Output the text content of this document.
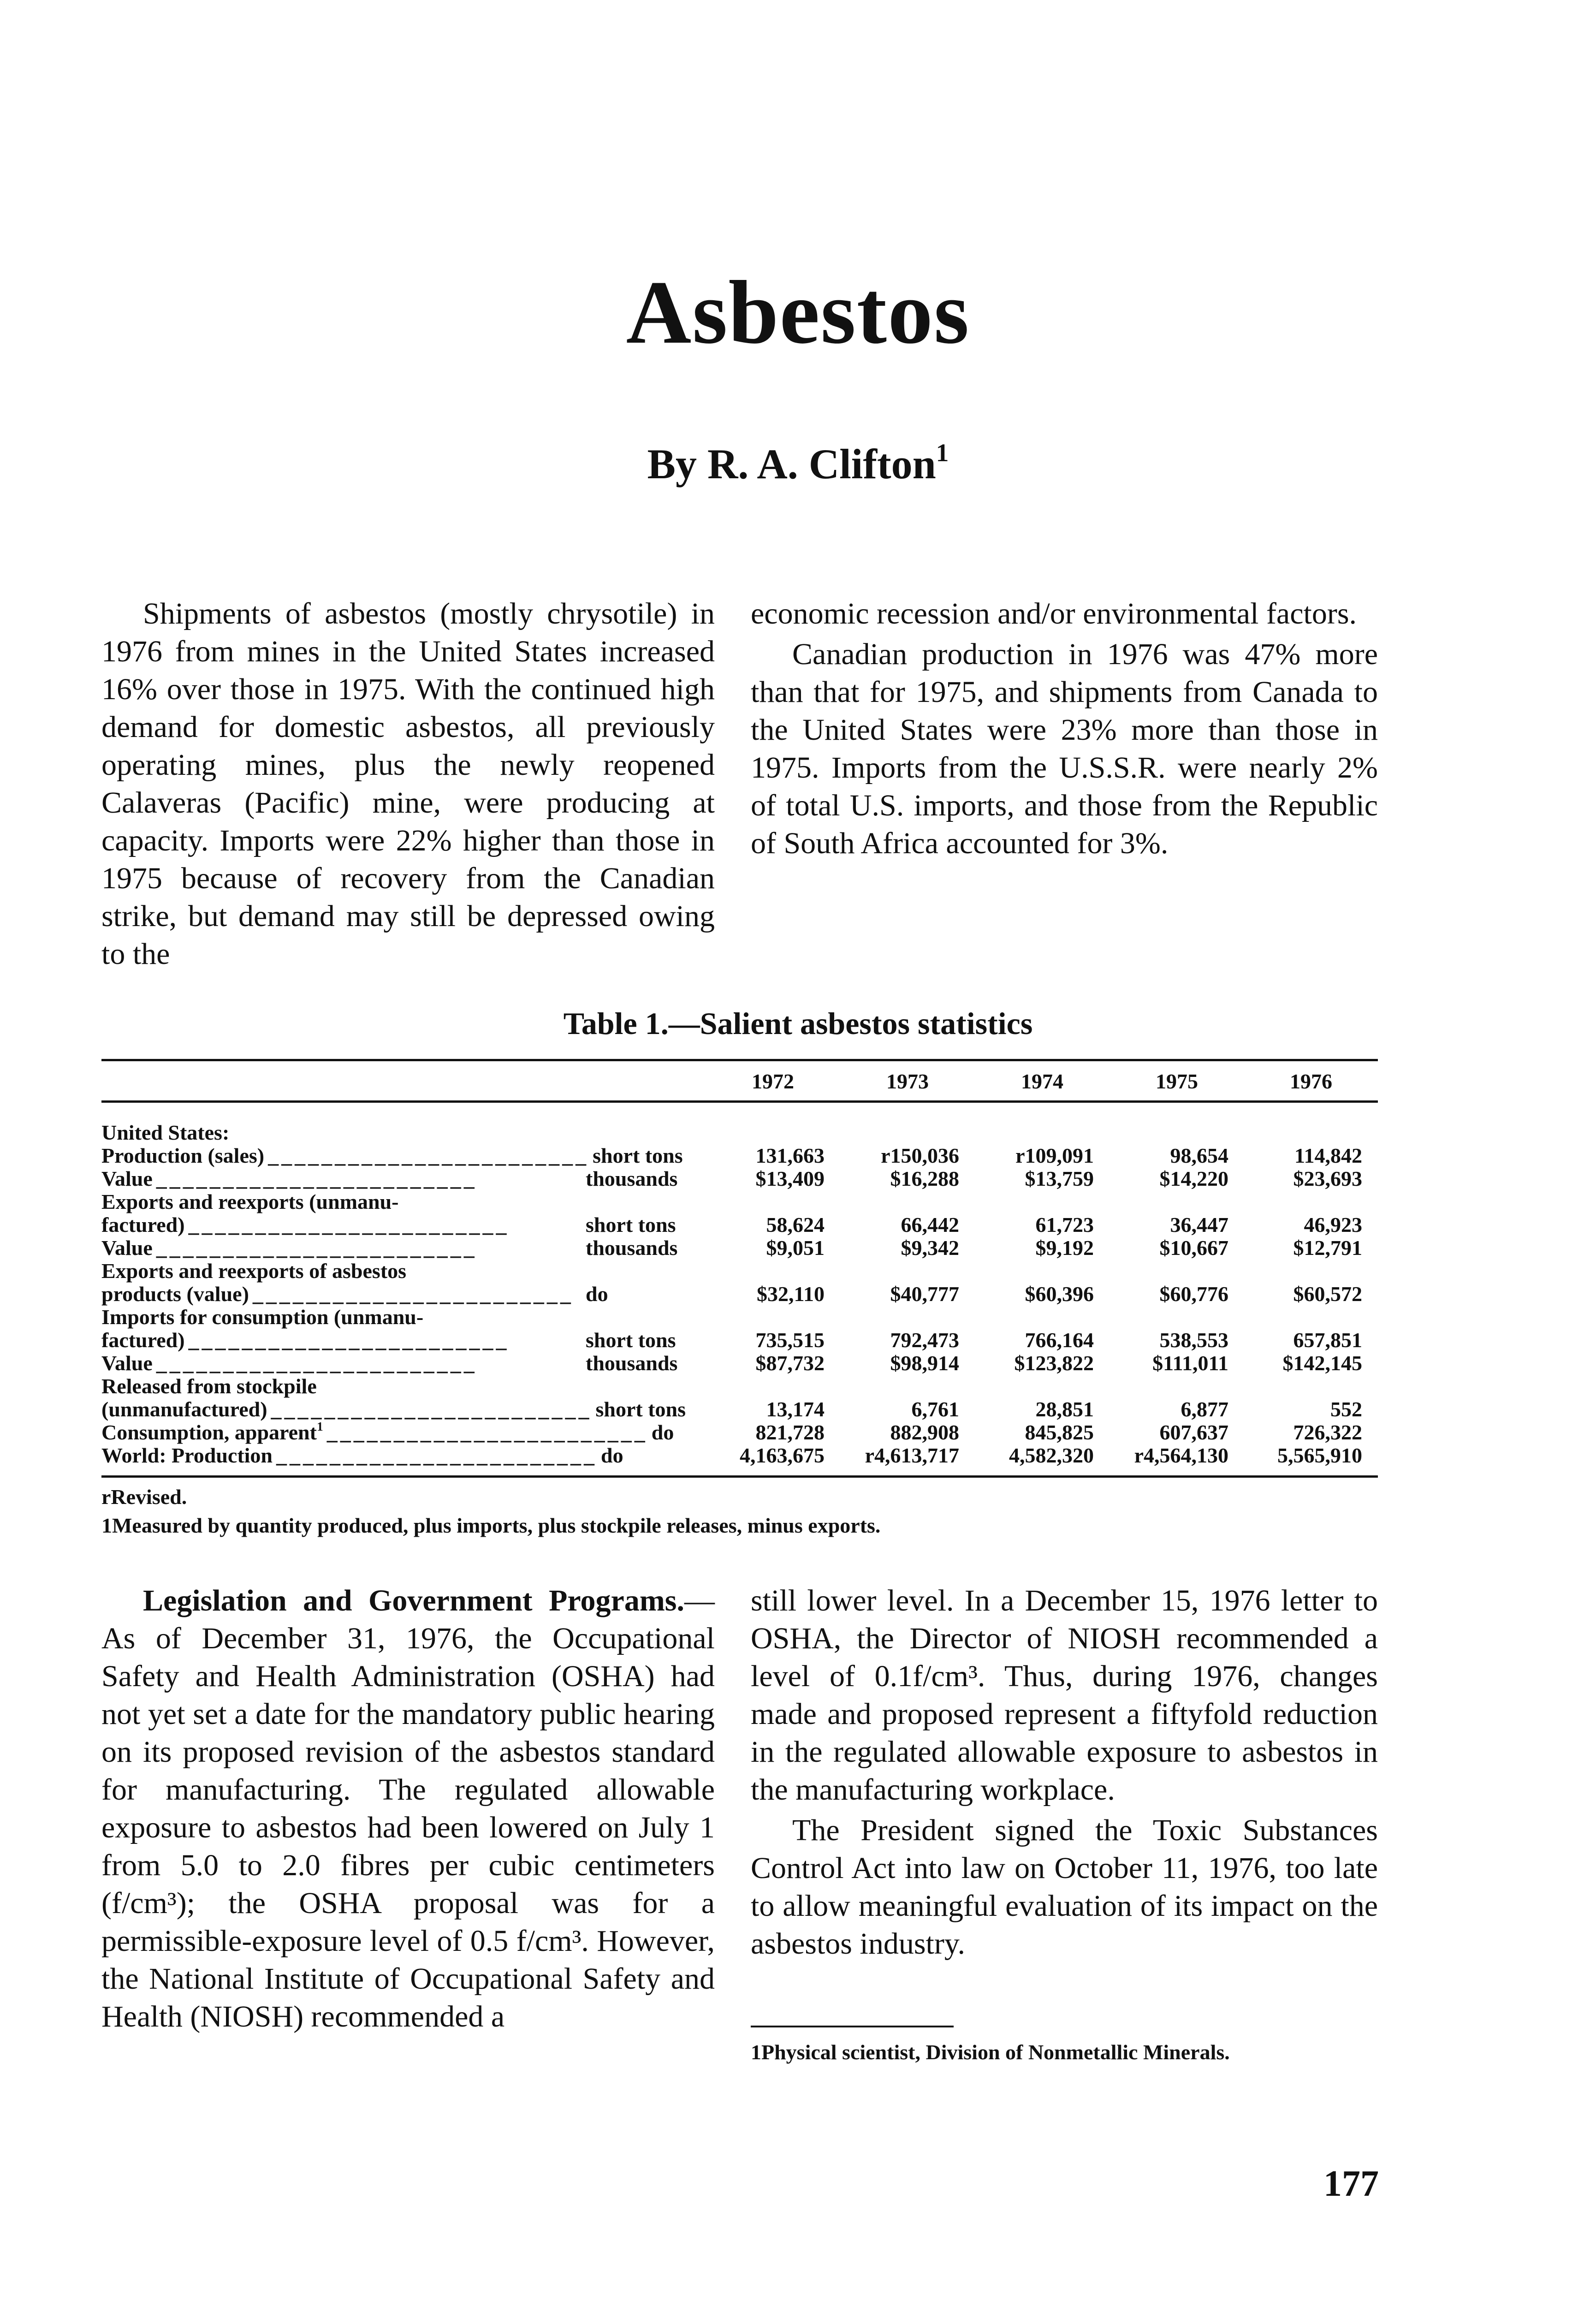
Asbestos
By R. A. Clifton$^1$

Shipments of asbestos (mostly chrysotile) in 1976 from mines in the United States increased 16% over those in 1975. With the continued high demand for domestic asbestos, all previously operating mines, plus the newly reopened Calaveras (Pacific) mine, were producing at capacity. Imports were 22% higher than those in 1975 because of recovery from the Canadian strike, but demand may still be depressed owing to the

economic recession and/or environmental factors.

Canadian production in 1976 was 47% more than that for 1975, and shipments from Canada to the United States were 23% more than those in 1975. Imports from the U.S.S.R. were nearly 2% of total U.S. imports, and those from the Republic of South Africa accounted for 3%.

Table 1.—Salient asbestos statistics
	1972	1973	1974	1975	1976

United States:					

Production (sales) ________________________ short tons	131,663	r150,036	r109,091	98,654	114,842

Value ________________________ thousands	$13,409	$16,288	$13,759	$14,220	$23,693
Exports and reexports (unmanu-					

factured) ________________________ short tons	58,624	66,442	61,723	36,447	46,923

Value ________________________ thousands	$9,051	$9,342	$9,192	$10,667	$12,791
Exports and reexports of asbestos					

products (value) ________________________ do	$32,110	$40,777	$60,396	$60,776	$60,572
Imports for consumption (unmanu-					

factured) ________________________ short tons	735,515	792,473	766,164	538,553	657,851

Value ________________________ thousands	$87,732	$98,914	$123,822	$111,011	$142,145
Released from stockpile					

(unmanufactured) ________________________ short tons	13,174	6,761	28,851	6,877	552

Consumption, apparent$^1$ ________________________ do	821,728	882,908	845,825	607,637	726,322

World: Production ________________________ do	4,163,675	r4,613,717	4,582,320	r4,564,130	5,565,910

rRevised.
1Measured by quantity produced, plus imports, plus stockpile releases, minus exports.

Legislation and Government Programs.—As of December 31, 1976, the Occupational Safety and Health Administration (OSHA) had not yet set a date for the mandatory public hearing on its proposed revision of the asbestos standard for manufacturing. The regulated allowable exposure to asbestos had been lowered on July 1 from 5.0 to 2.0 fibres per cubic centimeters (f/cm³); the OSHA proposal was for a permissible-exposure level of 0.5 f/cm³. However, the National Institute of Occupational Safety and Health (NIOSH) recommended a

still lower level. In a December 15, 1976 letter to OSHA, the Director of NIOSH recommended a level of 0.1f/cm³. Thus, during 1976, changes made and proposed represent a fiftyfold reduction in the regulated allowable exposure to asbestos in the manufacturing workplace.

The President signed the Toxic Substances Control Act into law on October 11, 1976, too late to allow meaningful evaluation of its impact on the asbestos industry.

1Physical scientist, Division of Nonmetallic Minerals.
177
